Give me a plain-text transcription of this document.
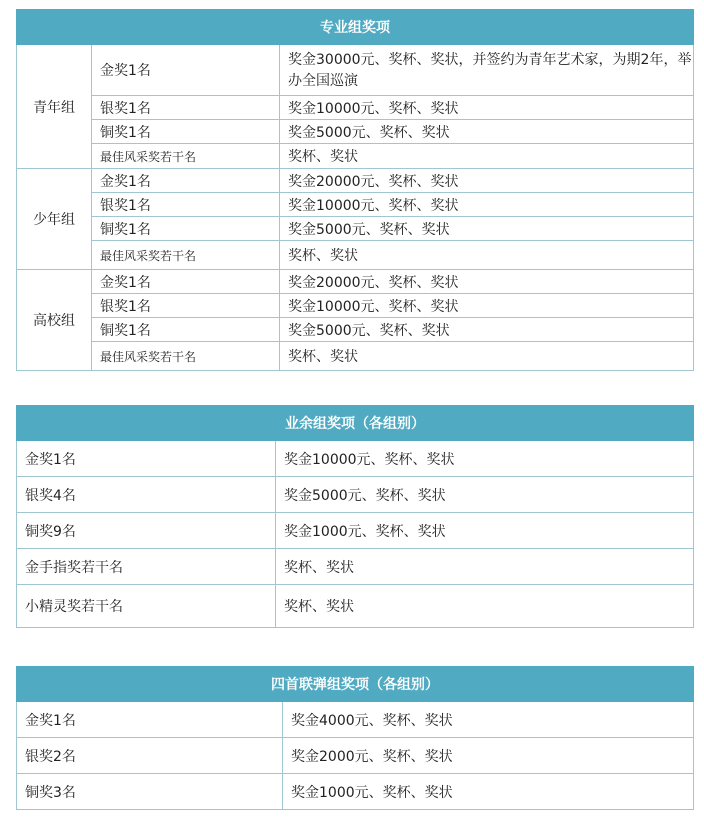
专业组奖项		
青年组	金奖1名	奖金30000元、奖杯、奖状，并签约为青年艺术家，为期2年，举办全国巡演
	银奖1名	奖金10000元、奖杯、奖状
	铜奖1名	奖金5000元、奖杯、奖状
	最佳风采奖若干名	奖杯、奖状
少年组	金奖1名	奖金20000元、奖杯、奖状
	银奖1名	奖金10000元、奖杯、奖状
	铜奖1名	奖金5000元、奖杯、奖状
	最佳风采奖若干名	奖杯、奖状
高校组	金奖1名	奖金20000元、奖杯、奖状
	银奖1名	奖金10000元、奖杯、奖状
	铜奖1名	奖金5000元、奖杯、奖状
	最佳风采奖若干名	奖杯、奖状
业余组奖项（各组别）	
金奖1名	奖金10000元、奖杯、奖状
银奖4名	奖金5000元、奖杯、奖状
铜奖9名	奖金1000元、奖杯、奖状
金手指奖若干名	奖杯、奖状
小精灵奖若干名	奖杯、奖状
四首联弹组奖项（各组别）	
金奖1名	奖金4000元、奖杯、奖状
银奖2名	奖金2000元、奖杯、奖状
铜奖3名	奖金1000元、奖杯、奖状
